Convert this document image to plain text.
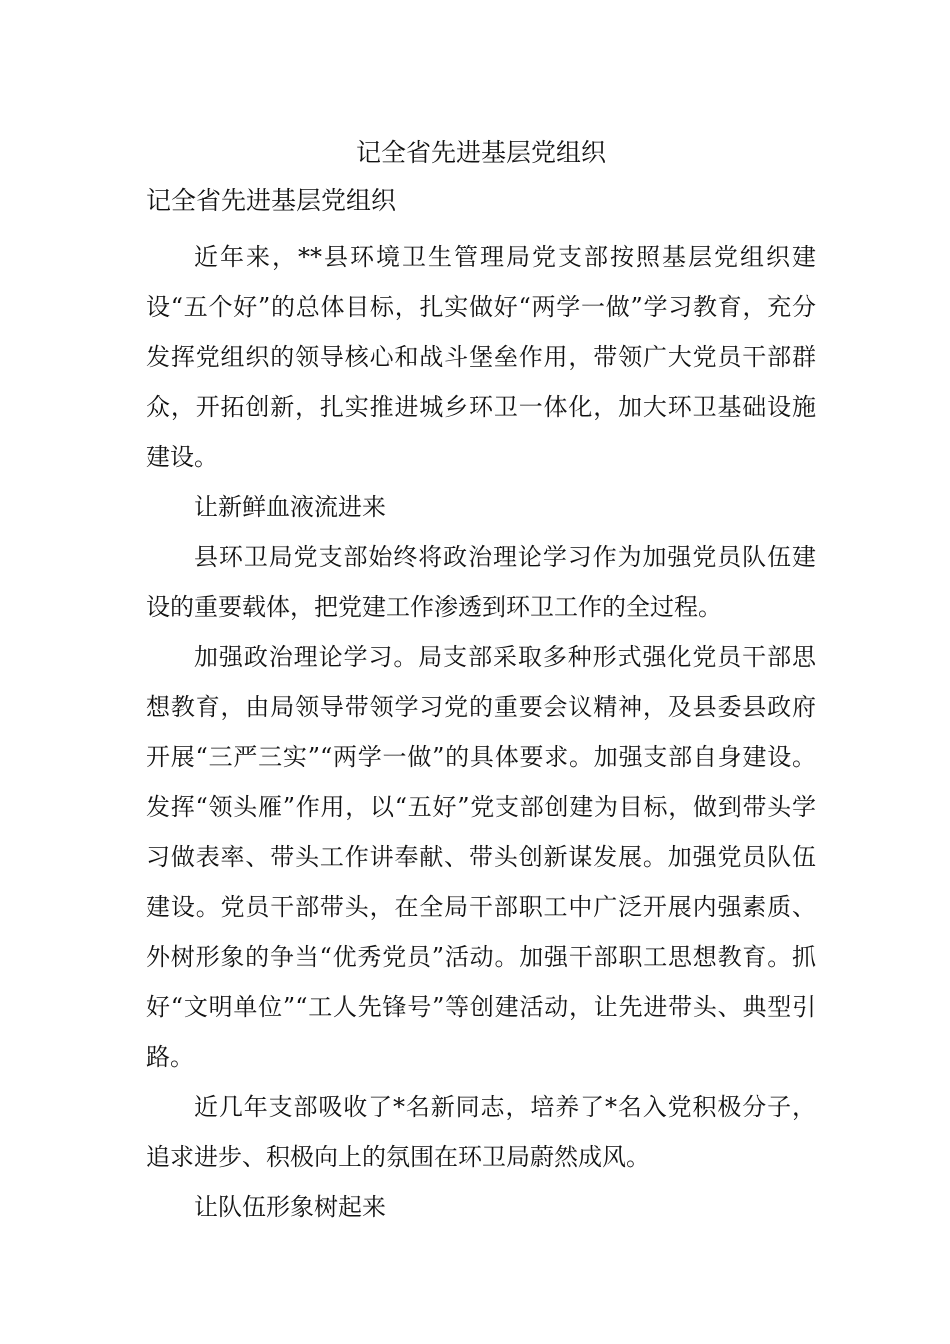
记全省先进基层党组织
记全省先进基层党组织

近年来，**县环境卫生管理局党支部按照基层党组织建设“五个好”的总体目标，扎实做好“两学一做”学习教育，充分发挥党组织的领导核心和战斗堡垒作用，带领广大党员干部群众，开拓创新，扎实推进城乡环卫一体化，加大环卫基础设施建设。

让新鲜血液流进来

县环卫局党支部始终将政治理论学习作为加强党员队伍建设的重要载体，把党建工作渗透到环卫工作的全过程。

加强政治理论学习。局支部采取多种形式强化党员干部思想教育，由局领导带领学习党的重要会议精神，及县委县政府开展“三严三实”“两学一做”的具体要求。加强支部自身建设。发挥“领头雁”作用，以“五好”党支部创建为目标，做到带头学习做表率、带头工作讲奉献、带头创新谋发展。加强党员队伍建设。党员干部带头，在全局干部职工中广泛开展内强素质、外树形象的争当“优秀党员”活动。加强干部职工思想教育。抓好“文明单位”“工人先锋号”等创建活动，让先进带头、典型引路。

近几年支部吸收了*名新同志，培养了*名入党积极分子，追求进步、积极向上的氛围在环卫局蔚然成风。

让队伍形象树起来
